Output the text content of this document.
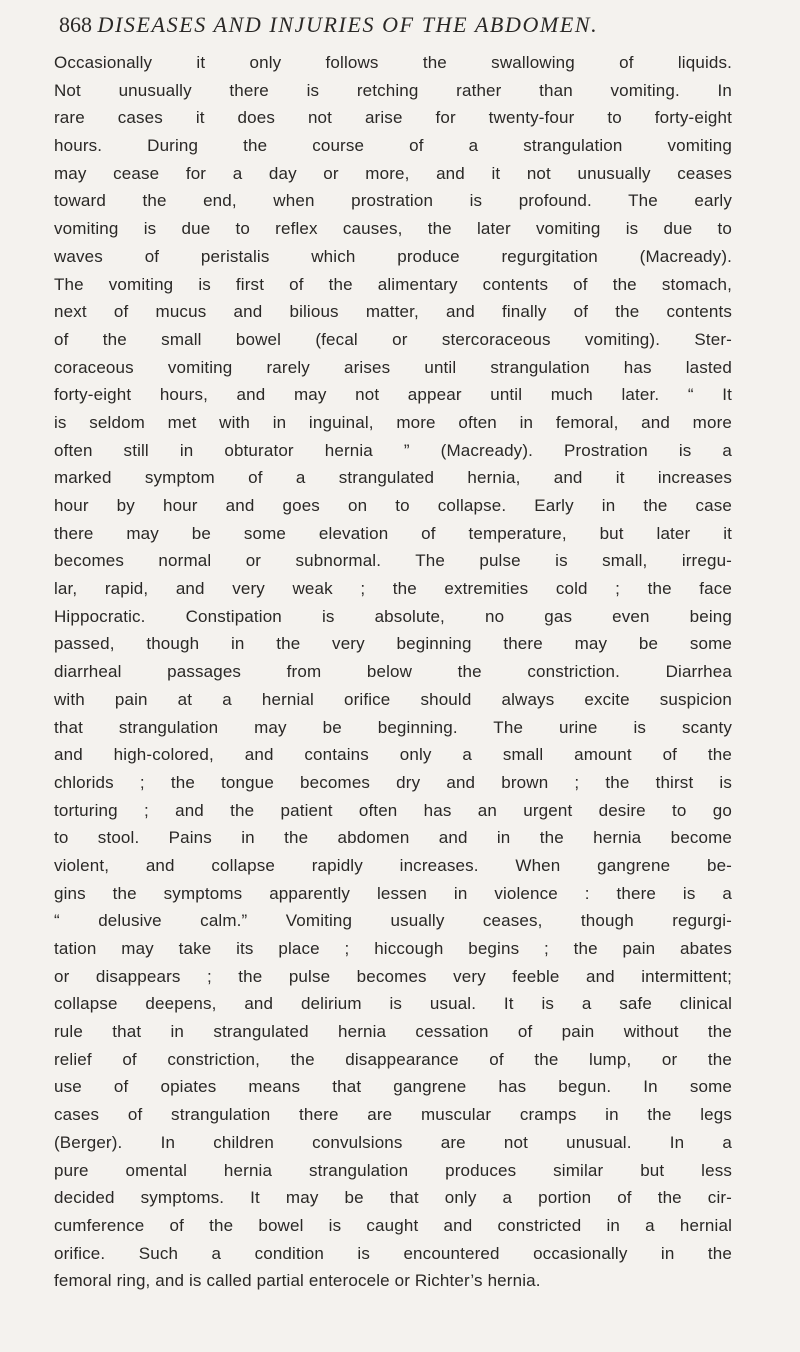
868 DISEASES AND INJURIES OF THE ABDOMEN.
Occasionally it only follows the swallowing of liquids.
Not unusually there is retching rather than vomiting. In
rare cases it does not arise for twenty-four to forty-eight
hours. During the course of a strangulation vomiting
may cease for a day or more, and it not unusually ceases
toward the end, when prostration is profound. The early
vomiting is due to reflex causes, the later vomiting is due to
waves of peristalis which produce regurgitation (Macready).
The vomiting is first of the alimentary contents of the stomach,
next of mucus and bilious matter, and finally of the contents
of the small bowel (fecal or stercoraceous vomiting). Ster-
coraceous vomiting rarely arises until strangulation has lasted
forty-eight hours, and may not appear until much later. “ It
is seldom met with in inguinal, more often in femoral, and more
often still in obturator hernia ” (Macready). Prostration is a
marked symptom of a strangulated hernia, and it increases
hour by hour and goes on to collapse. Early in the case
there may be some elevation of temperature, but later it
becomes normal or subnormal. The pulse is small, irregu-
lar, rapid, and very weak ; the extremities cold ; the face
Hippocratic. Constipation is absolute, no gas even being
passed, though in the very beginning there may be some
diarrheal passages from below the constriction. Diarrhea
with pain at a hernial orifice should always excite suspicion
that strangulation may be beginning. The urine is scanty
and high-colored, and contains only a small amount of the
chlorids ; the tongue becomes dry and brown ; the thirst is
torturing ; and the patient often has an urgent desire to go
to stool. Pains in the abdomen and in the hernia become
violent, and collapse rapidly increases. When gangrene be-
gins the symptoms apparently lessen in violence : there is a
“ delusive calm.” Vomiting usually ceases, though regurgi-
tation may take its place ; hiccough begins ; the pain abates
or disappears ; the pulse becomes very feeble and intermittent;
collapse deepens, and delirium is usual. It is a safe clinical
rule that in strangulated hernia cessation of pain without the
relief of constriction, the disappearance of the lump, or the
use of opiates means that gangrene has begun. In some
cases of strangulation there are muscular cramps in the legs
(Berger). In children convulsions are not unusual. In a
pure omental hernia strangulation produces similar but less
decided symptoms. It may be that only a portion of the cir-
cumference of the bowel is caught and constricted in a hernial
orifice. Such a condition is encountered occasionally in the
femoral ring, and is called partial enterocele or Richter’s hernia.
